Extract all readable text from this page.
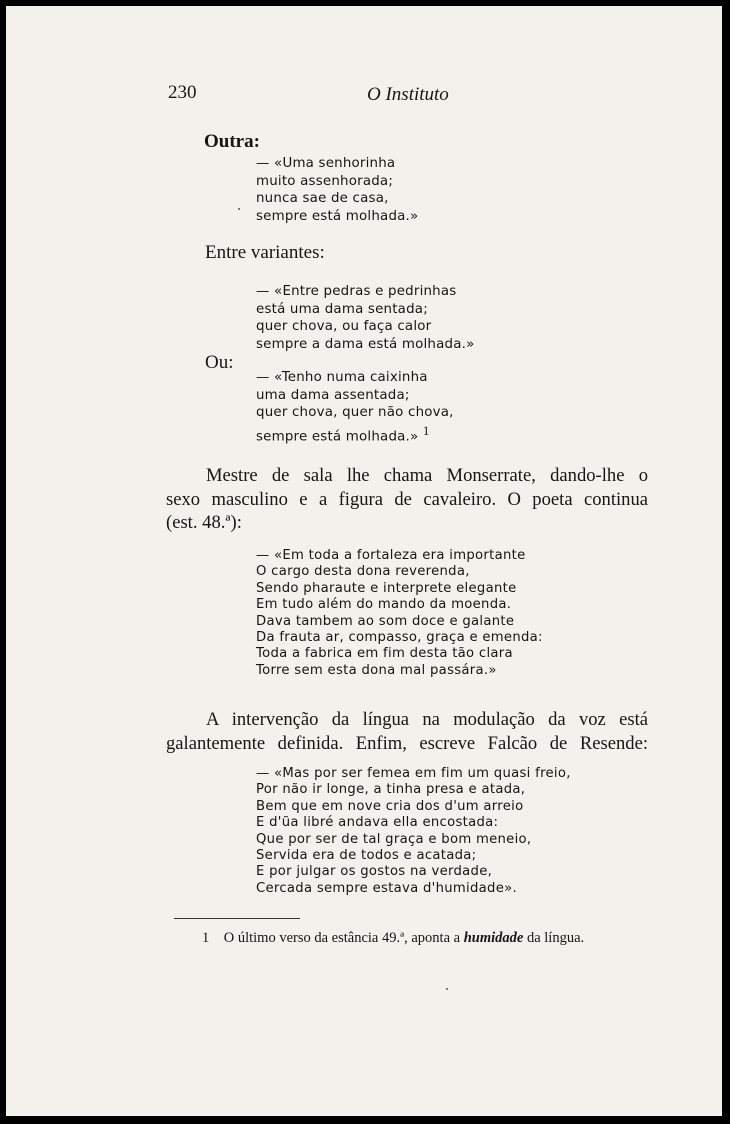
230	O Instituto
Outra:
— «Uma senhorinha
muito assenhorada;
nunca sae de casa,
sempre está molhada.»
Entre variantes:
— «Entre pedras e pedrinhas
está uma dama sentada;
quer chova, ou faça calor
sempre a dama está molhada.»
Ou:
— «Tenho numa caixinha
uma dama assentada;
quer chova, quer não chova,
sempre está molhada.» $^1$
Mestre de sala lhe chama Monserrate, dando-lhe o
sexo masculino e a figura de cavaleiro. O poeta continua
(est. 48.ª):
— «Em toda a fortaleza era importante
O cargo desta dona reverenda,
Sendo pharaute e interprete elegante
Em tudo além do mando da moenda.
Dava tambem ao som doce e galante
Da frauta ar, compasso, graça e emenda:
Toda a fabrica em fim desta tão clara
Torre sem esta dona mal passára.»
A intervenção da língua na modulação da voz está
galantemente definida. Enfim, escreve Falcão de Resende:
— «Mas por ser femea em fim um quasi freio,
Por não ir longe, a tinha presa e atada,
Bem que em nove cria dos d'um arreio
E d'ũa libré andava ella encostada:
Que por ser de tal graça e bom meneio,
Servida era de todos e acatada;
E por julgar os gostos na verdade,
Cercada sempre estava d'humidade».
1 O último verso da estância 49.ª, aponta a humidade da língua.
